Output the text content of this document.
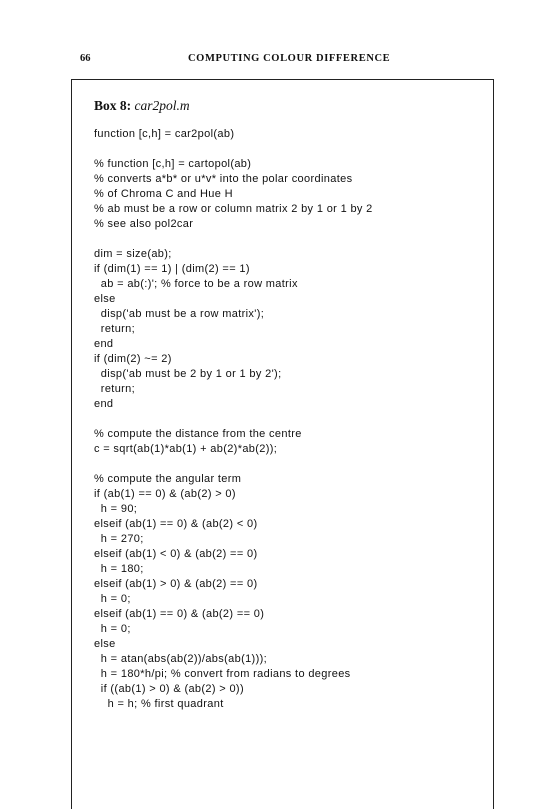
66	COMPUTING COLOUR DIFFERENCE
Box 8: car2pol.m
function [c,h] = car2pol(ab)
% function [c,h] = cartopol(ab)
% converts a*b* or u*v* into the polar coordinates
% of Chroma C and Hue H
% ab must be a row or column matrix 2 by 1 or 1 by 2
% see also pol2car
dim = size(ab);
if (dim(1) == 1) | (dim(2) == 1)
ab = ab(:)'; % force to be a row matrix
else
disp('ab must be a row matrix');
return;
end
if (dim(2) ~= 2)
disp('ab must be 2 by 1 or 1 by 2');
return;
end
% compute the distance from the centre
c = sqrt(ab(1)*ab(1) + ab(2)*ab(2));
% compute the angular term
if (ab(1) == 0) & (ab(2) > 0)
h = 90;
elseif (ab(1) == 0) & (ab(2) < 0)
h = 270;
elseif (ab(1) < 0) & (ab(2) == 0)
h = 180;
elseif (ab(1) > 0) & (ab(2) == 0)
h = 0;
elseif (ab(1) == 0) & (ab(2) == 0)
h = 0;
else
h = atan(abs(ab(2))/abs(ab(1)));
h = 180*h/pi; % convert from radians to degrees
if ((ab(1) > 0) & (ab(2) > 0))
h = h; % first quadrant
